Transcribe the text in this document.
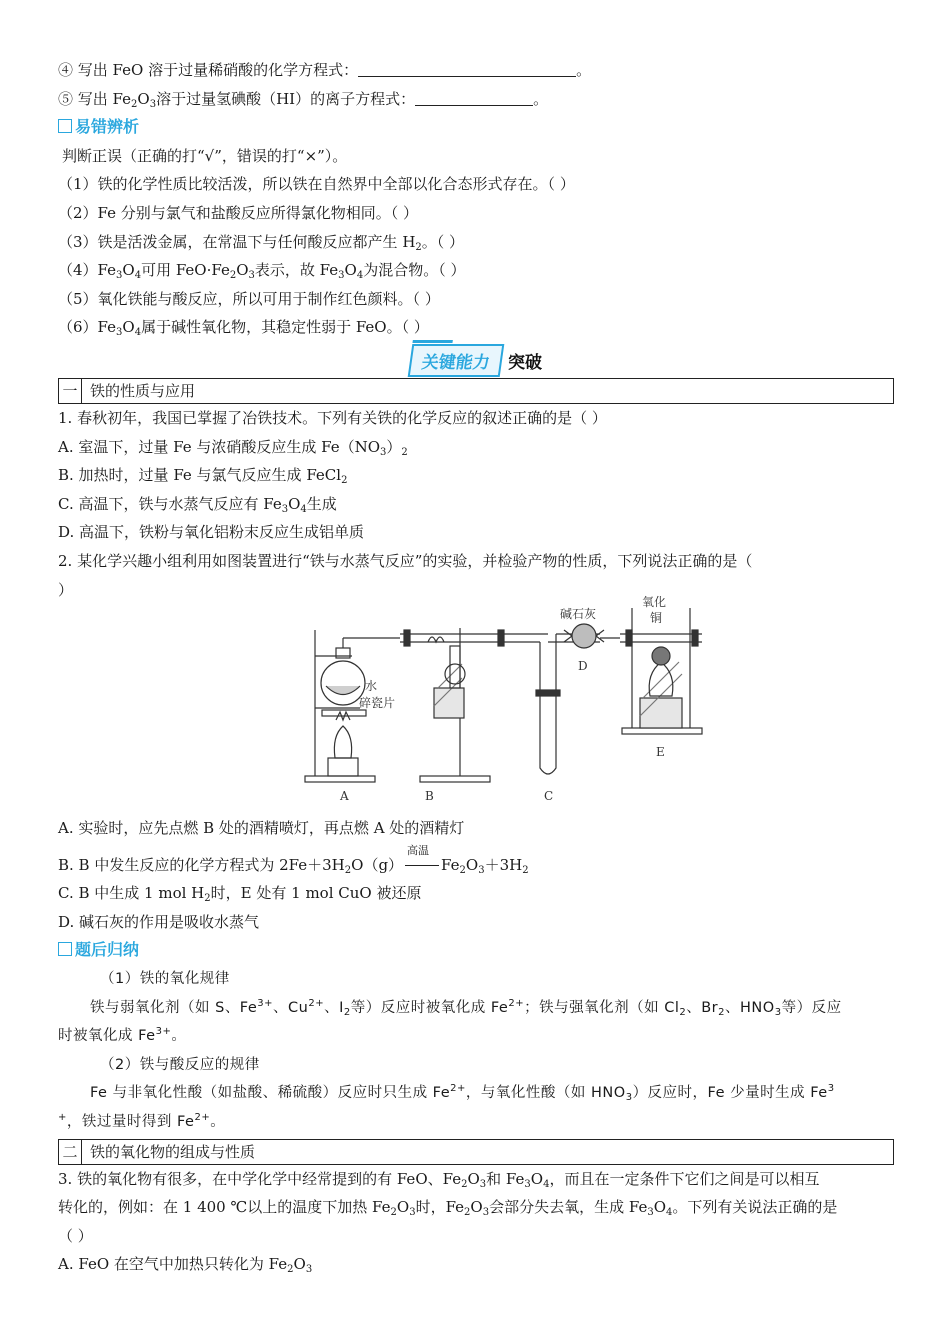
④ 写出 FeO 溶于过量稀硝酸的化学方程式：	。
⑤ 写出 $Fe_2O_3$溶于过量氢碘酸（HI）的离子方程式：	。
易错辨析
判断正误（正确的打“√”，错误的打“×”）。
（1）铁的化学性质比较活泼，所以铁在自然界中全部以化合态形式存在。（ ）
（2）Fe 分别与氯气和盐酸反应所得氯化物相同。（ ）
（3）铁是活泼金属，在常温下与任何酸反应都产生 $H_2$。（ ）
$(4)Fe_3O_4$可用 $FeO\cdot Fe_2O_3$表示，故 $Fe_3O_4$为混合物。（ ）
（5）氧化铁能与酸反应，所以可用于制作红色颜料。（ ）
$(6)Fe_3O_4$属于碱性氧化物，其稳定性弱于 FeO。（ ）
关键能力 突破
一 铁的性质与应用
1. 春秋初年，我国已掌握了冶铁技术。下列有关铁的化学反应的叙述正确的是（ ）
A. 室温下，过量 Fe 与浓硝酸反应生成 $Fe(NO_3)_2$
B. 加热时，过量 Fe 与氯气反应生成 FeCl$_2$
C. 高温下，铁与水蒸气反应有 $Fe_3O_4$生成
D. 高温下，铁粉与氧化铝粉末反应生成铝单质
2. 某化学兴趣小组利用如图装置进行“铁与水蒸气反应”的实验，并检验产物的性质，下列说法正确的是（
）
水
碎瓷片
A	B	C
碱石灰
D
氧化
铜
E
A. 实验时，应先点燃 B 处的酒精喷灯，再点燃 A 处的酒精灯
B. B 中发生反应的化学方程式为 $2Fe+3H_2O(g)$
高温
$Fe_2O_3+3H_2$
C. B 中生成 1 mol $H_2$时，E 处有 1 mol CuO 被还原
D. 碱石灰的作用是吸收水蒸气
题后归纳
（1）铁的氧化规律
铁与弱氧化剂（如 S、$Fe^{3+}$、$Cu^{2+}$、$I_2$等）反应时被氧化成 $Fe^{2+}$；铁与强氧化剂（如 $Cl_2$、$Br_2$、$HNO_3$等）反应
时被氧化成 $Fe^{3+}$。
（2）铁与酸反应的规律
Fe 与非氧化性酸（如盐酸、稀硫酸）反应时只生成 $Fe^{2+}$，与氧化性酸（如 $HNO_3$）反应时，Fe 少量时生成 Fe$^3$
+，铁过量时得到 $Fe^{2+}$。
二 铁的氧化物的组成与性质
3. 铁的氧化物有很多，在中学化学中经常提到的有 FeO、$Fe_2O_3$和 $Fe_3O_4$，而且在一定条件下它们之间是可以相互
转化的，例如：在 1 400 ℃以上的温度下加热 $Fe_2O_3$时，$Fe_2O_3$会部分失去氧，生成 $Fe_3O_4$。下列有关说法正确的是
（ ）
A. FeO 在空气中加热只转化为 $Fe_2O_3$
